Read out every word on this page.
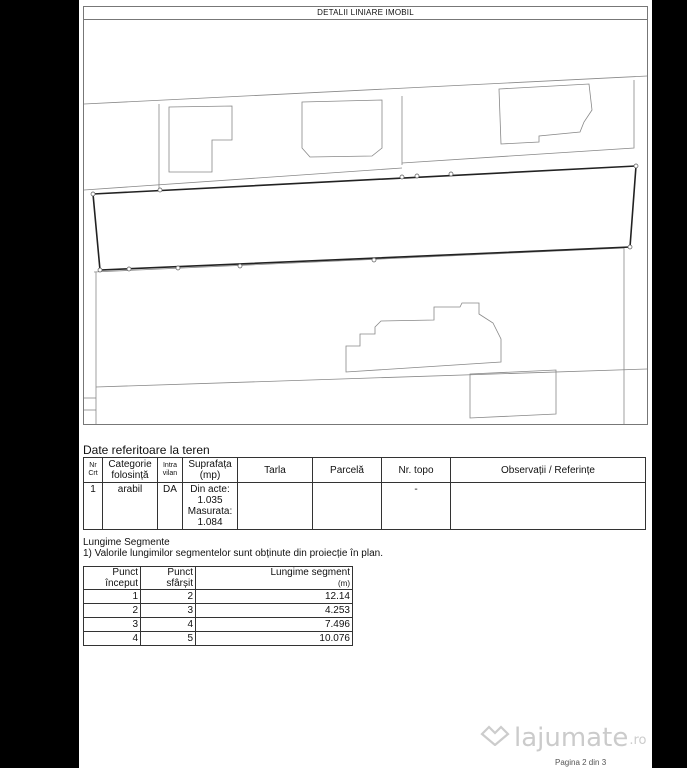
DETALII LINIARE IMOBIL
Date referitoare la teren
Nr Crt	Categorie folosință	Intra vilan	Suprafața (mp)	Tarla	Parcelă	Nr. topo	Observații / Referințe
1	arabil	DA	Din acte:
1.035
Masurata:
1.084			-	
Lungime Segmente
1) Valorile lungimilor segmentelor sunt obținute din proiecție în plan.
Punct început	Punct sfârșit	Lungime segment
(m)
1	2	12.14
2	3	4.253
3	4	7.496
4	5	10.076
Pagina 2 din 3
lajumate .ro
